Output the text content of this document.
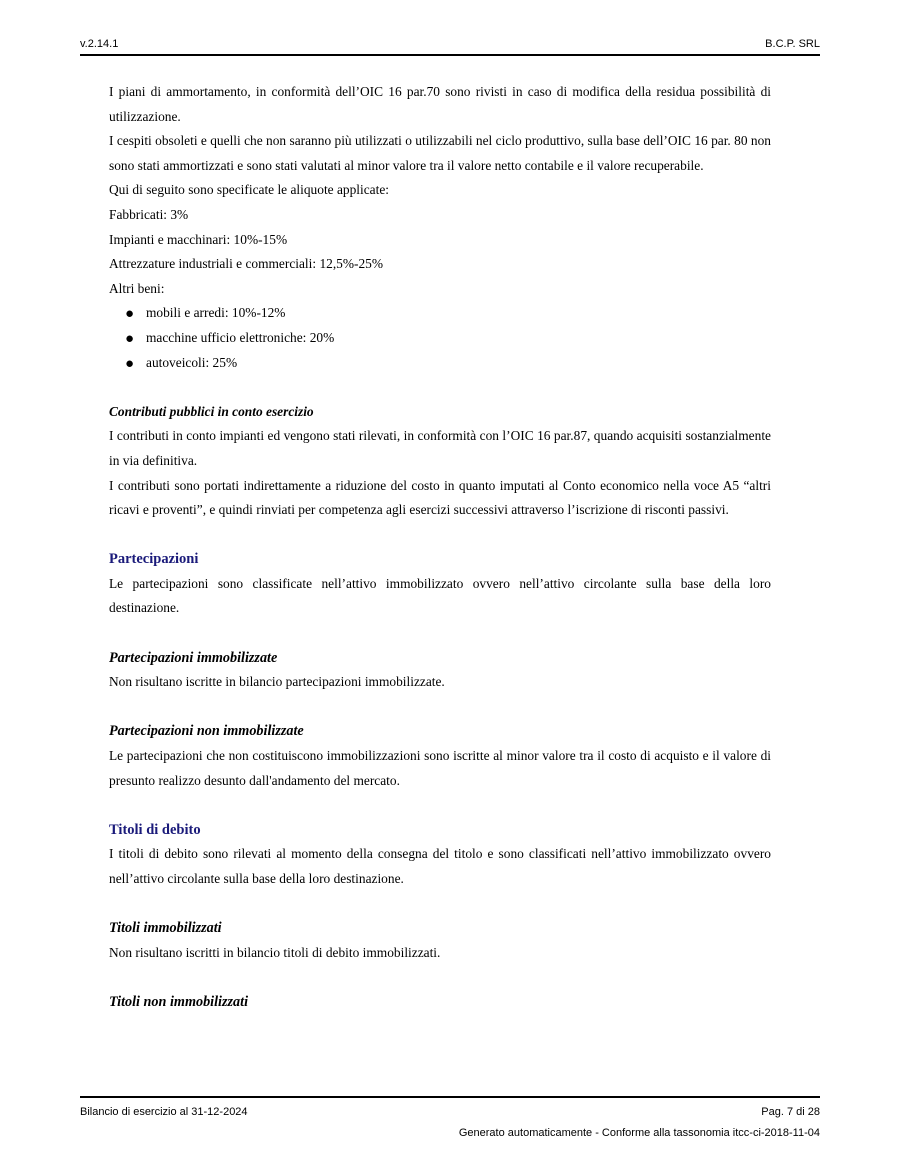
v.2.14.1	B.C.P. SRL

I piani di ammortamento, in conformità dell’OIC 16 par.70 sono rivisti in caso di modifica della residua possibilità di utilizzazione.

I cespiti obsoleti e quelli che non saranno più utilizzati o utilizzabili nel ciclo produttivo, sulla base dell’OIC 16 par. 80 non sono stati ammortizzati e sono stati valutati al minor valore tra il valore netto contabile e il valore recuperabile.

Qui di seguito sono specificate le aliquote applicate:

Fabbricati: 3%

Impianti e macchinari: 10%-15%

Attrezzature industriali e commerciali: 12,5%-25%

Altri beni:

● mobili e arredi: 10%-12%
● macchine ufficio elettroniche: 20%
● autoveicoli: 25%

Contributi pubblici in conto esercizio

I contributi in conto impianti ed vengono stati rilevati, in conformità con l’OIC 16 par.87, quando acquisiti sostanzialmente in via definitiva.

I contributi sono portati indirettamente a riduzione del costo in quanto imputati al Conto economico nella voce A5 “altri ricavi e proventi”, e quindi rinviati per competenza agli esercizi successivi attraverso l’iscrizione di risconti passivi.

Partecipazioni

Le partecipazioni sono classificate nell’attivo immobilizzato ovvero nell’attivo circolante sulla base della loro destinazione.

Partecipazioni immobilizzate

Non risultano iscritte in bilancio partecipazioni immobilizzate.

Partecipazioni non immobilizzate

Le partecipazioni che non costituiscono immobilizzazioni sono iscritte al minor valore tra il costo di acquisto e il valore di presunto realizzo desunto dall'andamento del mercato.

Titoli di debito

I titoli di debito sono rilevati al momento della consegna del titolo e sono classificati nell’attivo immobilizzato ovvero nell’attivo circolante sulla base della loro destinazione.

Titoli immobilizzati

Non risultano iscritti in bilancio titoli di debito immobilizzati.

Titoli non immobilizzati

Bilancio di esercizio al 31-12-2024	Pag. 7 di 28
Generato automaticamente - Conforme alla tassonomia itcc-ci-2018-11-04
